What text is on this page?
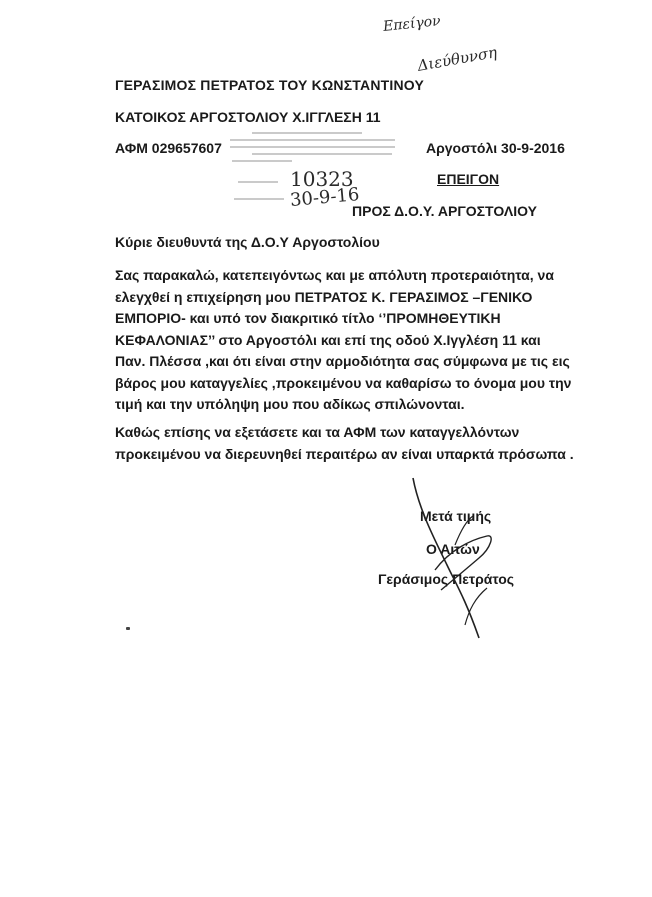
Επείγον
Διεύθυνση
ΓΕΡΑΣΙΜΟΣ ΠΕΤΡΑΤΟΣ ΤΟΥ ΚΩΝΣΤΑΝΤΙΝΟΥ
ΚΑΤΟΙΚΟΣ ΑΡΓΟΣΤΟΛΙΟΥ Χ.ΙΓΓΛΕΣΗ 11
ΑΦΜ 029657607	Αργοστόλι 30-9-2016
ΕΠΕΙΓΟΝ
10323
30-9-16
ΠΡΟΣ Δ.Ο.Υ. ΑΡΓΟΣΤΟΛΙΟΥ
Κύριε διευθυντά της Δ.Ο.Υ Αργοστολίου
Σας παρακαλώ, κατεπειγόντως και με απόλυτη προτεραιότητα, να
ελεγχθεί η επιχείρηση μου ΠΕΤΡΑΤΟΣ Κ. ΓΕΡΑΣΙΜΟΣ –ΓΕΝΙΚΟ
ΕΜΠΟΡΙΟ- και υπό τον διακριτικό τίτλο ‘’ΠΡΟΜΗΘΕΥΤΙΚΗ
ΚΕΦΑΛΟΝΙΑΣ’’ στο Αργοστόλι και επί της οδού Χ.Ιγγλέση 11 και
Παν. Πλέσσα ,και ότι είναι στην αρμοδιότητα σας σύμφωνα με τις εις
βάρος μου καταγγελίες ,προκειμένου να καθαρίσω το όνομα μου την
τιμή και την υπόληψη μου που αδίκως σπιλώνονται.
Καθώς επίσης να εξετάσετε και τα ΑΦΜ των καταγγελλόντων
προκειμένου να διερευνηθεί περαιτέρω αν είναι υπαρκτά πρόσωπα .
Μετά τιμής
Ο Αιτών
Γεράσιμος Πετράτος
